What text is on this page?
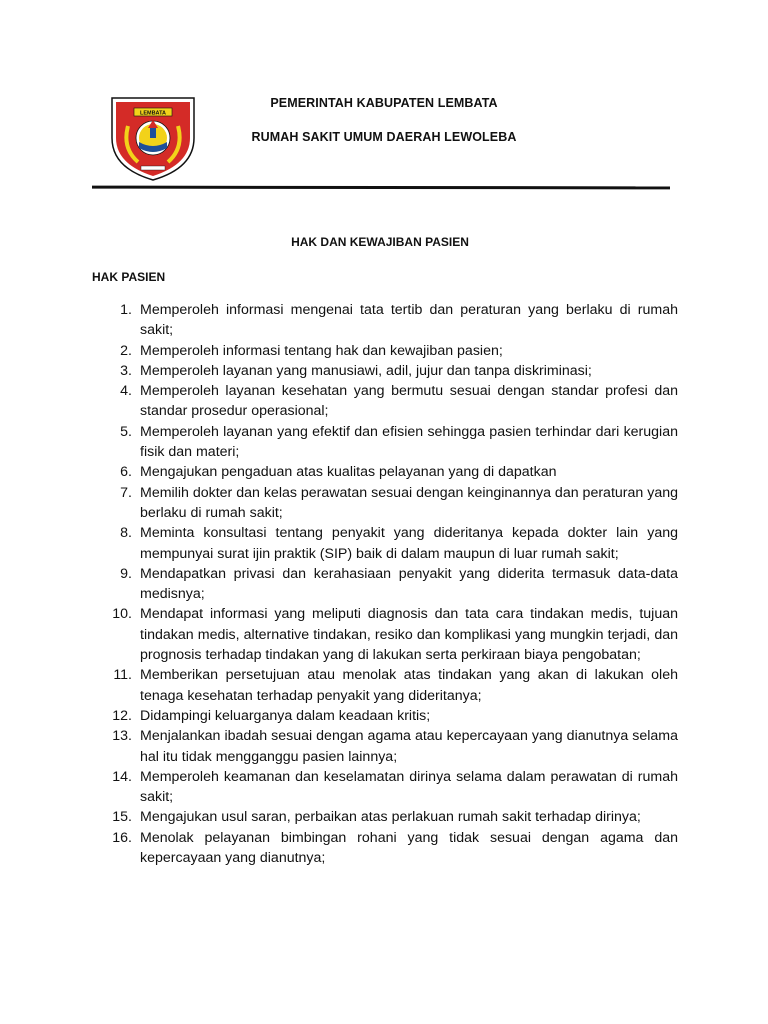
LEMBATA
PEMERINTAH KABUPATEN LEMBATA
RUMAH SAKIT UMUM DAERAH LEWOLEBA
HAK DAN KEWAJIBAN PASIEN
HAK PASIEN
1. Memperoleh informasi mengenai tata tertib dan peraturan yang berlaku di rumah sakit;
2. Memperoleh informasi tentang hak dan kewajiban pasien;
3. Memperoleh layanan yang manusiawi, adil, jujur dan tanpa diskriminasi;
4. Memperoleh layanan kesehatan yang bermutu sesuai dengan standar profesi dan standar prosedur operasional;
5. Memperoleh layanan yang efektif dan efisien sehingga pasien terhindar dari kerugian fisik dan materi;
6. Mengajukan pengaduan atas kualitas pelayanan yang di dapatkan
7. Memilih dokter dan kelas perawatan sesuai dengan keinginannya dan peraturan yang berlaku di rumah sakit;
8. Meminta konsultasi tentang penyakit yang dideritanya kepada dokter lain yang mempunyai surat ijin praktik (SIP) baik di dalam maupun di luar rumah sakit;
9. Mendapatkan privasi dan kerahasiaan penyakit yang diderita termasuk data-data medisnya;
10. Mendapat informasi yang meliputi diagnosis dan tata cara tindakan medis, tujuan tindakan medis, alternative tindakan, resiko dan komplikasi yang mungkin terjadi, dan prognosis terhadap tindakan yang di lakukan serta perkiraan biaya pengobatan;
11. Memberikan persetujuan atau menolak atas tindakan yang akan di lakukan oleh tenaga kesehatan terhadap penyakit yang dideritanya;
12. Didampingi keluarganya dalam keadaan kritis;
13. Menjalankan ibadah sesuai dengan agama atau kepercayaan yang dianutnya selama hal itu tidak mengganggu pasien lainnya;
14. Memperoleh keamanan dan keselamatan dirinya selama dalam perawatan di rumah sakit;
15. Mengajukan usul saran, perbaikan atas perlakuan rumah sakit terhadap dirinya;
16. Menolak pelayanan bimbingan rohani yang tidak sesuai dengan agama dan kepercayaan yang dianutnya;
